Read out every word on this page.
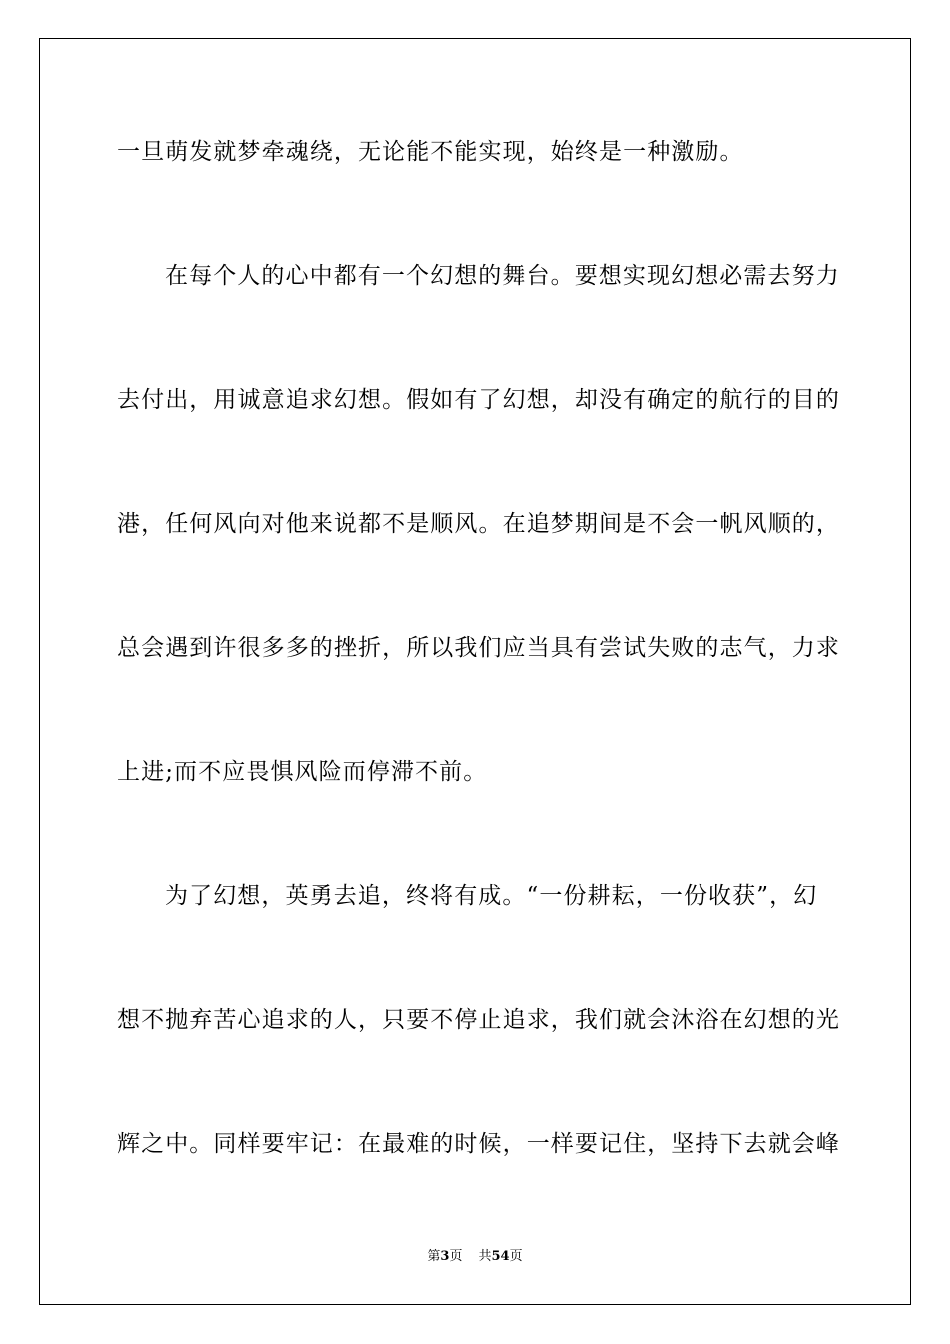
一旦萌发就梦牵魂绕，无论能不能实现，始终是一种激励。
在每个人的心中都有一个幻想的舞台。要想实现幻想必需去努力
去付出，用诚意追求幻想。假如有了幻想，却没有确定的航行的目的
港，任何风向对他来说都不是顺风。在追梦期间是不会一帆风顺的，
总会遇到许很多多的挫折，所以我们应当具有尝试失败的志气，力求
上进;而不应畏惧风险而停滞不前。
为了幻想，英勇去追，终将有成。“一份耕耘，一份收获”，幻
想不抛弃苦心追求的人，只要不停止追求，我们就会沐浴在幻想的光
辉之中。同样要牢记：在最难的时候，一样要记住，坚持下去就会峰
第3页 共54页
